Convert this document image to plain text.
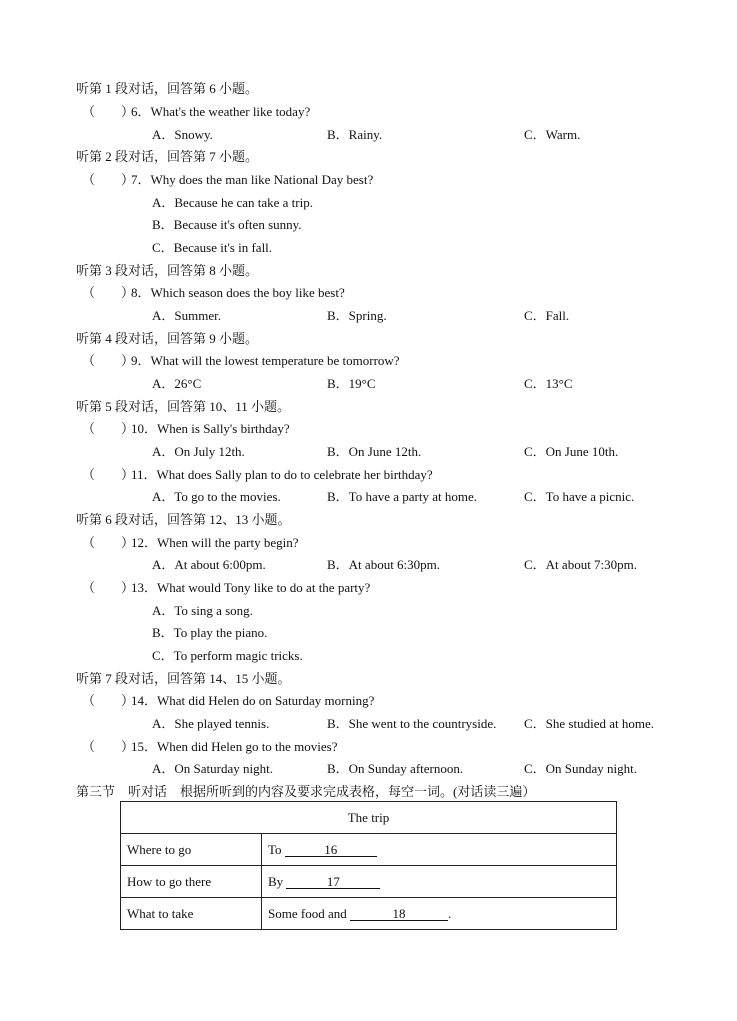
听第 1 段对话，回答第 6 小题。
（　　）
6．What's the weather like today?
A．Snowy.	B．Rainy.	C．Warm.
听第 2 段对话，回答第 7 小题。
（　　）
7．Why does the man like National Day best?
A．Because he can take a trip.
B．Because it's often sunny.
C．Because it's in fall.
听第 3 段对话，回答第 8 小题。
（　　）
8．Which season does the boy like best?
A．Summer.	B．Spring.	C．Fall.
听第 4 段对话，回答第 9 小题。
（　　）
9．What will the lowest temperature be tomorrow?
A．26°C	B．19°C	C．13°C
听第 5 段对话，回答第 10、11 小题。
（　　）
10．When is Sally's birthday?
A．On July 12th.	B．On June 12th.	C．On June 10th.
（　　）
11．What does Sally plan to do to celebrate her birthday?
A．To go to the movies.	B．To have a party at home.	C．To have a picnic.
听第 6 段对话，回答第 12、13 小题。
（　　）
12．When will the party begin?
A．At about 6:00pm.	B．At about 6:30pm.	C．At about 7:30pm.
（　　）
13．What would Tony like to do at the party?
A．To sing a song.
B．To play the piano.
C．To perform magic tricks.
听第 7 段对话，回答第 14、15 小题。
（　　）
14．What did Helen do on Saturday morning?
A．She played tennis.	B．She went to the countryside. C．She studied at home.
（　　）
15．When did Helen go to the movies?
A．On Saturday night.	B．On Sunday afternoon.	C．On Sunday night.
第三节　听对话　根据所听到的内容及要求完成表格，每空一词。(对话读三遍）
The trip	
Where to go	To 16
How to go there	By 17
What to take	Some food and 18 .
